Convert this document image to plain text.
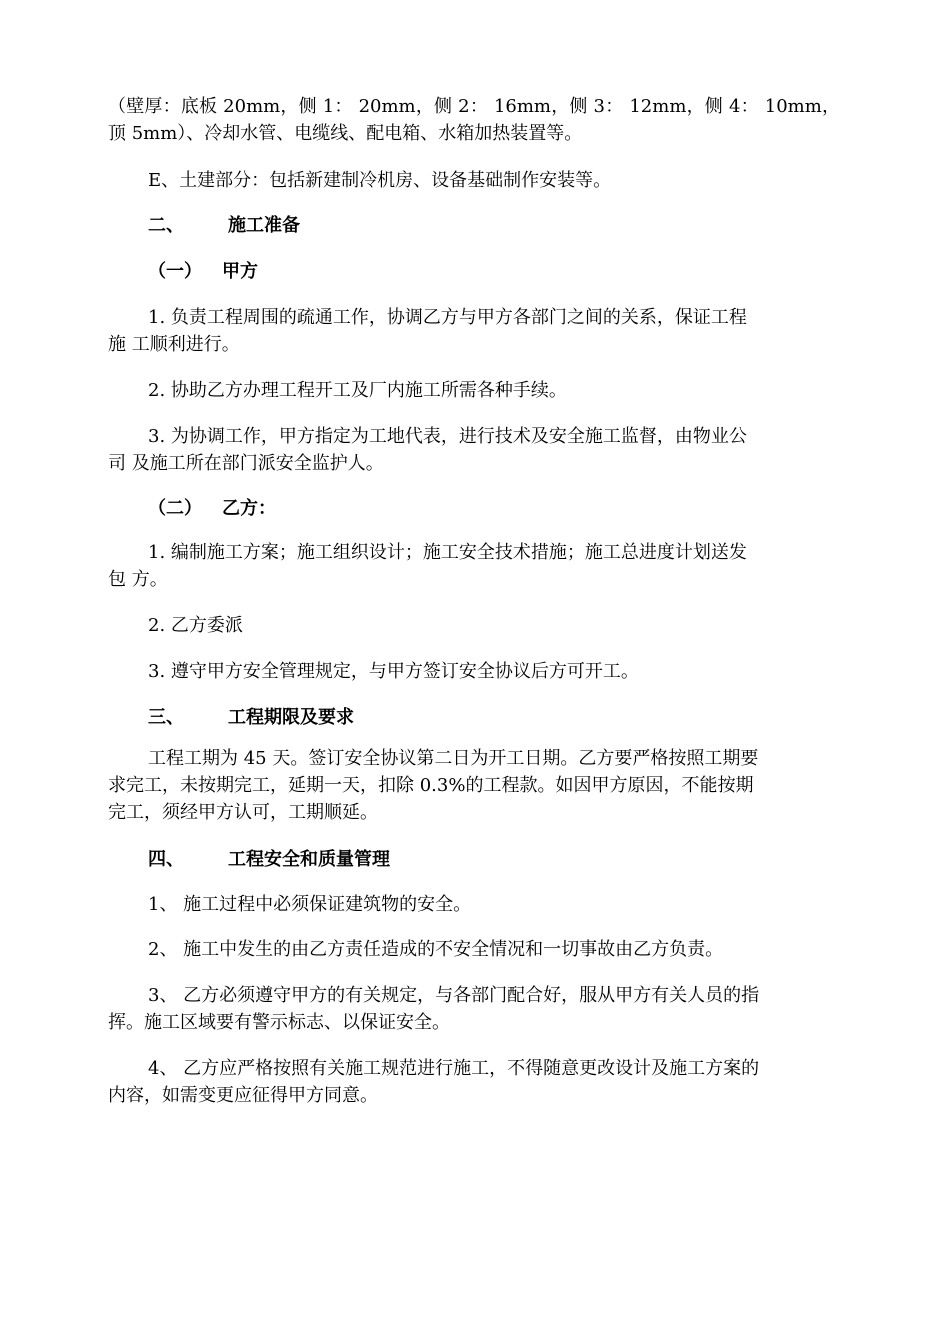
（壁厚：底板 20mm，侧 1： 20mm，侧 2： 16mm，侧 3： 12mm，侧 4： 10mm，
顶 5mm）、冷却水管、电缆线、配电箱、水箱加热装置等。
E、土建部分：包括新建制冷机房、设备基础制作安装等。
二、 施工准备
（一） 甲方
1. 负责工程周围的疏通工作，协调乙方与甲方各部门之间的关系，保证工程
施 工顺利进行。
2. 协助乙方办理工程开工及厂内施工所需各种手续。
3. 为协调工作，甲方指定为工地代表，进行技术及安全施工监督，由物业公
司 及施工所在部门派安全监护人。
（二） 乙方：
1. 编制施工方案；施工组织设计；施工安全技术措施；施工总进度计划送发
包 方。
2. 乙方委派
3. 遵守甲方安全管理规定，与甲方签订安全协议后方可开工。
三、 工程期限及要求
工程工期为 45 天。签订安全协议第二日为开工日期。乙方要严格按照工期要
求完工，未按期完工，延期一天，扣除 0.3%的工程款。如因甲方原因，不能按期
完工，须经甲方认可，工期顺延。
四、 工程安全和质量管理
1、 施工过程中必须保证建筑物的安全。
2、 施工中发生的由乙方责任造成的不安全情况和一切事故由乙方负责。
3、 乙方必须遵守甲方的有关规定，与各部门配合好，服从甲方有关人员的指
挥。施工区域要有警示标志、以保证安全。
4、 乙方应严格按照有关施工规范进行施工，不得随意更改设计及施工方案的
内容，如需变更应征得甲方同意。
